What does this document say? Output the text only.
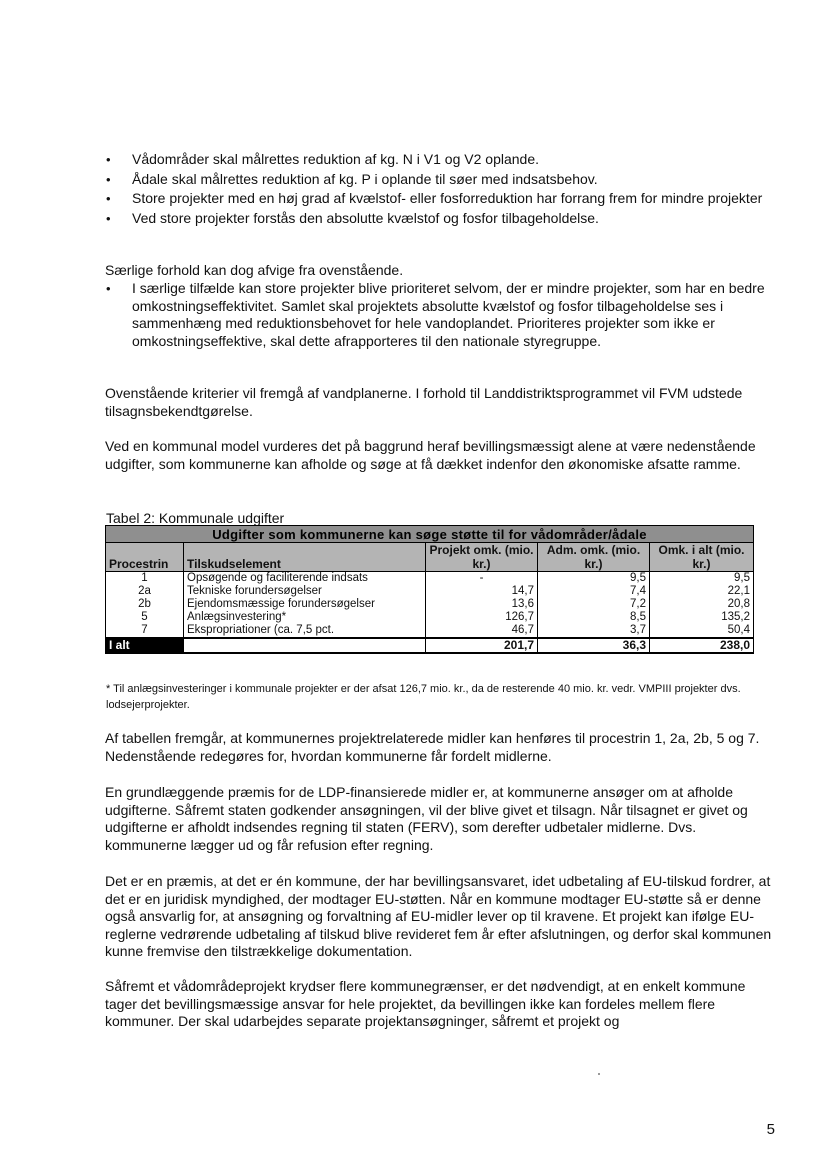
• Vådområder skal målrettes reduktion af kg. N i V1 og V2 oplande.
• Ådale skal målrettes reduktion af kg. P i oplande til søer med indsatsbehov.
• Store projekter med en høj grad af kvælstof- eller fosforreduktion har forrang frem for mindre projekter
• Ved store projekter forstås den absolutte kvælstof og fosfor tilbageholdelse.

Særlige forhold kan dog afvige fra ovenstående.

• I særlige tilfælde kan store projekter blive prioriteret selvom, der er mindre projekter, som har en bedre omkostningseffektivitet. Samlet skal projektets absolutte kvælstof og fosfor tilbageholdelse ses i sammenhæng med reduktionsbehovet for hele vandoplandet. Prioriteres projekter som ikke er omkostningseffektive, skal dette afrapporteres til den nationale styregruppe.

Ovenstående kriterier vil fremgå af vandplanerne. I forhold til Landdistriktsprogrammet vil FVM udstede tilsagnsbekendtgørelse.

Ved en kommunal model vurderes det på baggrund heraf bevillingsmæssigt alene at være nedenstående udgifter, som kommunerne kan afholde og søge at få dækket indenfor den økonomiske afsatte ramme.

Tabel 2: Kommunale udgifter
Udgifter som kommunerne kan søge støtte til for vådområder/ådale				
Procestrin	Tilskudselement	Projekt omk. (mio. kr.)	Adm. omk. (mio. kr.)	Omk. i alt (mio. kr.)
1	Opsøgende og faciliterende indsats	-	9,5	9,5
2a	Tekniske forundersøgelser	14,7	7,4	22,1
2b	Ejendomsmæssige forundersøgelser	13,6	7,2	20,8
5	Anlægsinvestering*	126,7	8,5	135,2
7	Ekspropriationer (ca. 7,5 pct.	46,7	3,7	50,4
I alt		201,7	36,3	238,0
* Til anlægsinvesteringer i kommunale projekter er der afsat 126,7 mio. kr., da de resterende 40 mio. kr. vedr. VMPIII projekter dvs. lodsejerprojekter.

Af tabellen fremgår, at kommunernes projektrelaterede midler kan henføres til procestrin 1, 2a, 2b, 5 og 7. Nedenstående redegøres for, hvordan kommunerne får fordelt midlerne.

En grundlæggende præmis for de LDP-finansierede midler er, at kommunerne ansøger om at afholde udgifterne. Såfremt staten godkender ansøgningen, vil der blive givet et tilsagn. Når tilsagnet er givet og udgifterne er afholdt indsendes regning til staten (FERV), som derefter udbetaler midlerne. Dvs. kommunerne lægger ud og får refusion efter regning.

Det er en præmis, at det er én kommune, der har bevillingsansvaret, idet udbetaling af EU-tilskud fordrer, at det er en juridisk myndighed, der modtager EU-støtten. Når en kommune modtager EU-støtte så er denne også ansvarlig for, at ansøgning og forvaltning af EU-midler lever op til kravene. Et projekt kan ifølge EU-reglerne vedrørende udbetaling af tilskud blive revideret fem år efter afslutningen, og derfor skal kommunen kunne fremvise den tilstrækkelige dokumentation.

Såfremt et vådområdeprojekt krydser flere kommunegrænser, er det nødvendigt, at en enkelt kommune tager det bevillingsmæssige ansvar for hele projektet, da bevillingen ikke kan fordeles mellem flere kommuner. Der skal udarbejdes separate projektansøgninger, såfremt et projekt og

5
